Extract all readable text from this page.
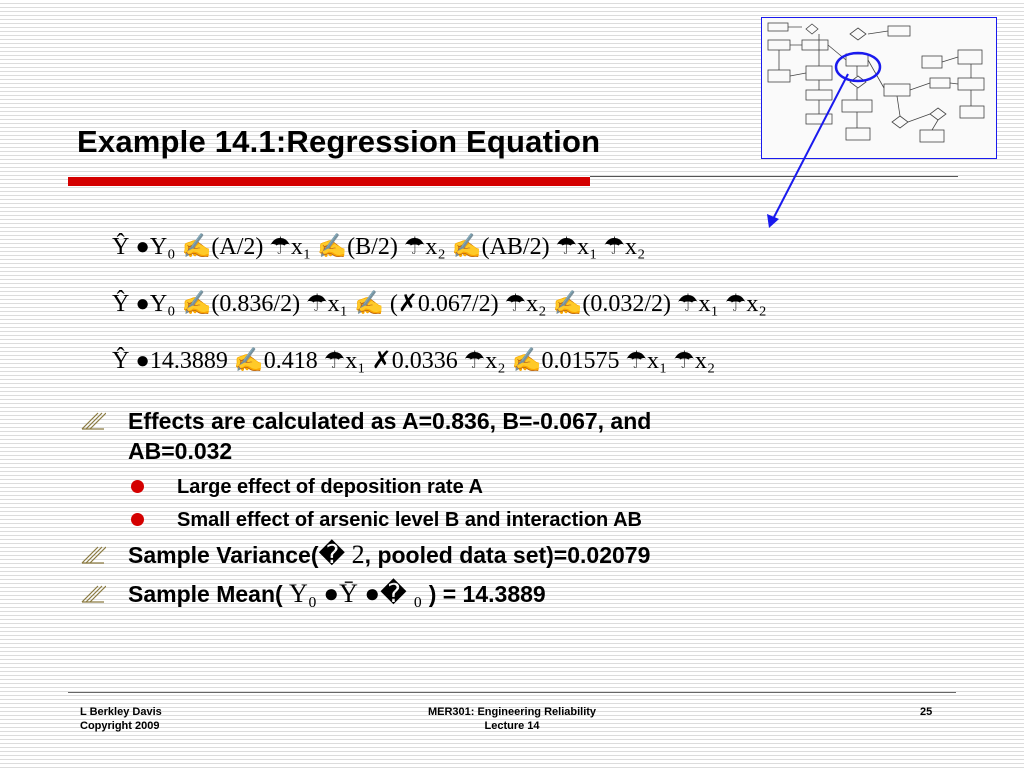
Example 14.1:Regression Equation
Ŷ ●Y₀ ✍(A/2) ☂x₁ ✍(B/2) ☂x₂ ✍(AB/2) ☂x₁ ☂x₂
Ŷ ●Y₀ ✍(0.836/2) ☂x₁ ✍ (✗0.067/2) ☂x₂ ✍(0.032/2) ☂x₁ ☂x₂
Ŷ ●14.3889 ✍0.418 ☂x₁ ✗0.0336 ☂x₂ ✍0.01575 ☂x₁ ☂x₂
Effects are calculated as A=0.836, B=-0.067, and
AB=0.032
Large effect of deposition rate A
Small effect of arsenic level B and interaction AB
Sample Variance(� 2, pooled data set)=0.02079
Sample Mean( Y₀ ●Ȳ ●� ₀ ) = 14.3889
L Berkley Davis
Copyright 2009
MER301: Engineering Reliability
Lecture 14
25
